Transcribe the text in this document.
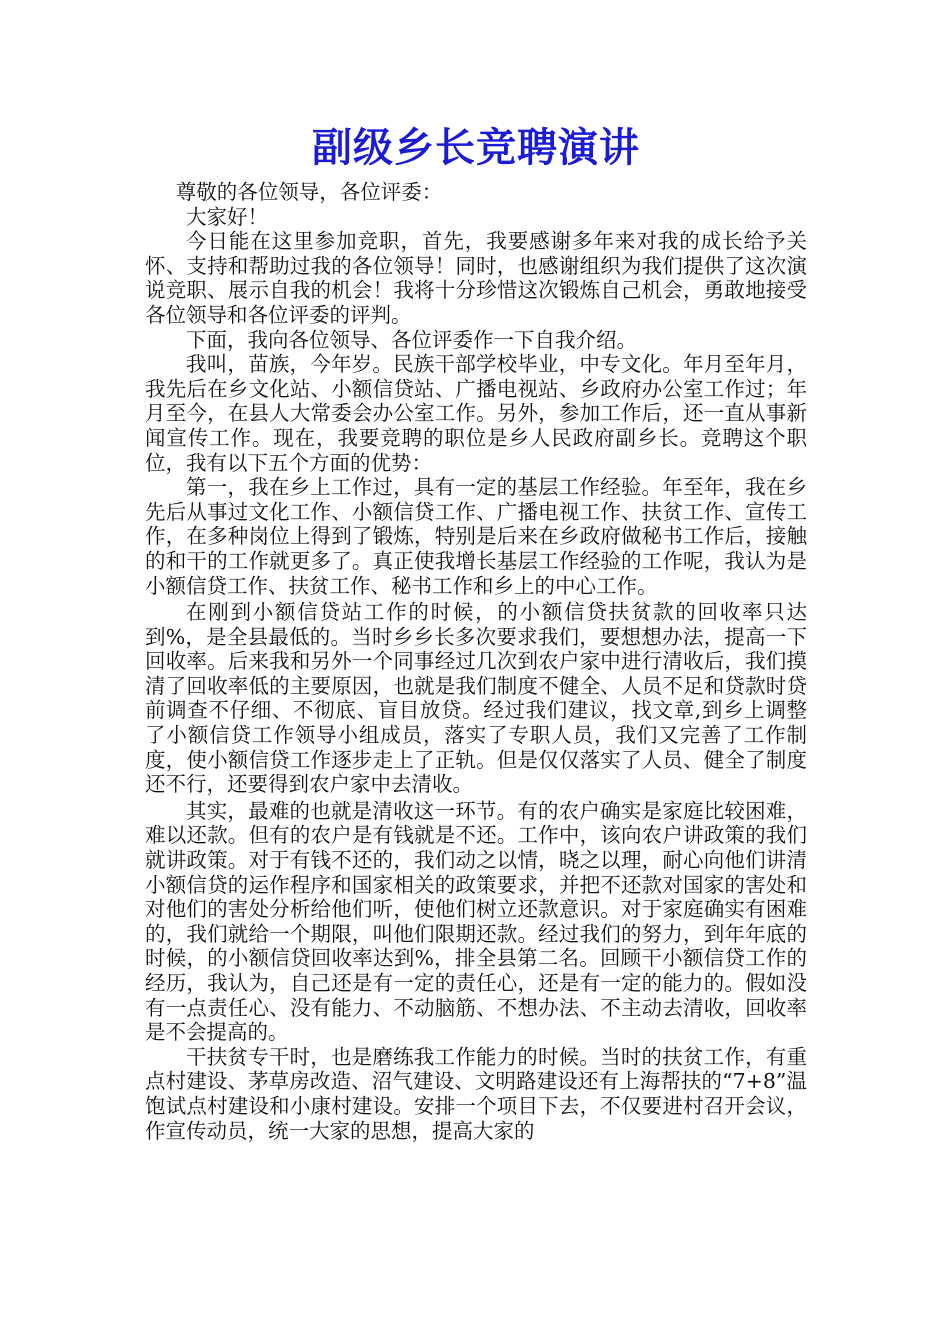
副级乡长竞聘演讲

尊敬的各位领导，各位评委：

大家好！

今日能在这里参加竞职，首先，我要感谢多年来对我的成长给予关怀、支持和帮助过我的各位领导！同时，也感谢组织为我们提供了这次演说竞职、展示自我的机会！我将十分珍惜这次锻炼自己机会，勇敢地接受各位领导和各位评委的评判。

下面，我向各位领导、各位评委作一下自我介绍。

我叫，苗族，今年岁。民族干部学校毕业，中专文化。年月至年月，我先后在乡文化站、小额信贷站、广播电视站、乡政府办公室工作过；年月至今，在县人大常委会办公室工作。另外，参加工作后，还一直从事新闻宣传工作。现在，我要竞聘的职位是乡人民政府副乡长。竞聘这个职位，我有以下五个方面的优势：

第一，我在乡上工作过，具有一定的基层工作经验。年至年，我在乡先后从事过文化工作、小额信贷工作、广播电视工作、扶贫工作、宣传工作，在多种岗位上得到了锻炼，特别是后来在乡政府做秘书工作后，接触的和干的工作就更多了。真正使我增长基层工作经验的工作呢，我认为是小额信贷工作、扶贫工作、秘书工作和乡上的中心工作。

在刚到小额信贷站工作的时候，的小额信贷扶贫款的回收率只达到%，是全县最低的。当时乡乡长多次要求我们，要想想办法，提高一下回收率。后来我和另外一个同事经过几次到农户家中进行清收后，我们摸清了回收率低的主要原因，也就是我们制度不健全、人员不足和贷款时贷前调查不仔细、不彻底、盲目放贷。经过我们建议，找文章,到乡上调整了小额信贷工作领导小组成员，落实了专职人员，我们又完善了工作制度，使小额信贷工作逐步走上了正轨。但是仅仅落实了人员、健全了制度还不行，还要得到农户家中去清收。

其实，最难的也就是清收这一环节。有的农户确实是家庭比较困难，难以还款。但有的农户是有钱就是不还。工作中，该向农户讲政策的我们就讲政策。对于有钱不还的，我们动之以情，晓之以理，耐心向他们讲清小额信贷的运作程序和国家相关的政策要求，并把不还款对国家的害处和对他们的害处分析给他们听，使他们树立还款意识。对于家庭确实有困难的，我们就给一个期限，叫他们限期还款。经过我们的努力，到年年底的时候，的小额信贷回收率达到%，排全县第二名。回顾干小额信贷工作的经历，我认为，自己还是有一定的责任心，还是有一定的能力的。假如没有一点责任心、没有能力、不动脑筋、不想办法、不主动去清收，回收率是不会提高的。

干扶贫专干时，也是磨练我工作能力的时候。当时的扶贫工作，有重点村建设、茅草房改造、沼气建设、文明路建设还有上海帮扶的“7+8”温饱试点村建设和小康村建设。安排一个项目下去，不仅要进村召开会议，作宣传动员，统一大家的思想，提高大家的
